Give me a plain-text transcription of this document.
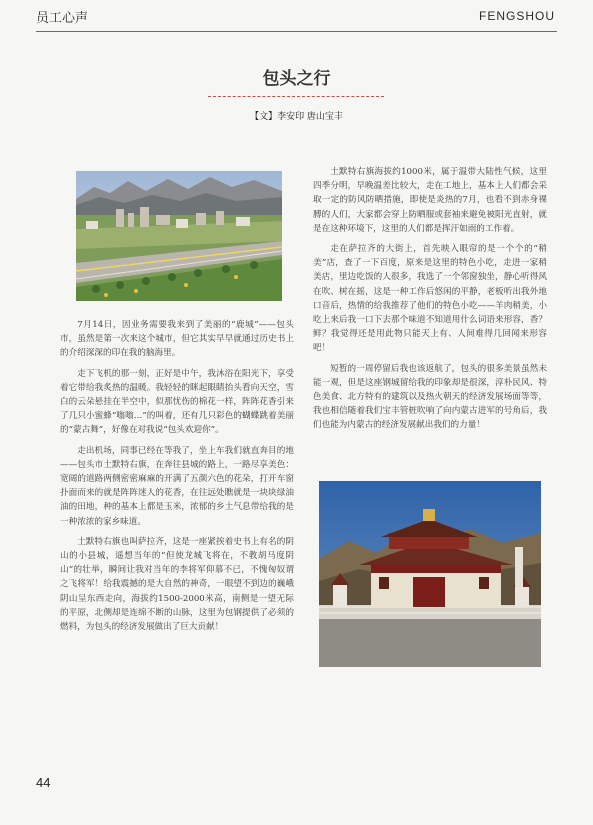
员工心声	FENGSHOU
包头之行
【文】李安印 唐山宝丰

7月14日，因业务需要我来到了美丽的“鹿城”——包头市，虽然是第一次来这个城市，但它其实早早就通过历史书上的介绍深深的印在我的脑海里。

走下飞机的那一刻，正好是中午，我沐浴在阳光下，享受着它带给我炙热的温暖。我轻轻的眯起眼睛抬头看向天空，雪白的云朵悬挂在半空中，似那忧伤的棉花一样，阵阵花香引来了几只小蜜蜂“嗡嗡…”的叫着，还有几只彩色的蝴蝶跳着美丽的“蒙古舞”，好像在对我说“包头欢迎你”。

走出机场，同事已经在等我了，坐上车我们就直奔目的地——包头市土默特右旗，在奔往县城的路上，一路尽享美色：宽阔的道路两侧密密麻麻的开满了五颜六色的花朵，打开车窗扑面而来的就是阵阵迷人的花香，在往远处瞧就是一块块绿油油的田地，种的基本上都是玉米，浓郁的乡土气息带给我的是一种浓浓的家乡味道。

土默特右旗也叫萨拉齐，这是一座紧挨着史书上有名的阴山的小县城，遥想当年的“但使龙城飞将在，不教胡马度阴山”的壮举，瞬间让我对当年的李将军仰慕不已，不愧匈奴谓之飞将军！给我震撼的是大自然的神奇，一眼望不到边的巍峨阴山呈东西走向，海拔约1500-2000米高，南侧是一望无际的平原，北侧却是连绵不断的山脉，这里为包钢提供了必须的燃料，为包头的经济发展做出了巨大贡献！

土默特右旗海拔约1000米，属于温带大陆性气候，这里四季分明，早晚温差比较大，走在工地上，基本上人们都会采取一定的防风防晒措施，即使是炎热的7月，也看不到赤身裸膊的人们，大家都会穿上防晒服或套袖来避免被阳光直射，就是在这种环境下，这里的人们都是挥汗如雨的工作着。

走在萨拉齐的大街上，首先映入眼帘的是一个个的“稍美”店，查了一下百度，原来是这里的特色小吃，走进一家稍美店，里边吃饭的人很多，我选了一个邻窗独坐，静心听得风在吹、树在摇，这是一种工作后悠闲的平静，老板听出我外地口音后，热情的给我推荐了他们的特色小吃——羊肉稍美，小吃上来后我一口下去那个味道不知道用什么词语来形容，香？鲜？我觉得还是用此物只能天上有、人间难得几回闻来形容吧！

短暂的一周停留后我也该返航了，包头的很多美景虽然未能一观，但是这座钢城留给我的印象却是很深，淳朴民风、特色美食、北方特有的建筑以及热火朝天的经济发展场面等等，我也相信随着我们宝丰管桩吹响了向内蒙古进军的号角后，我们也能为内蒙古的经济发展献出我们的力量！

44
